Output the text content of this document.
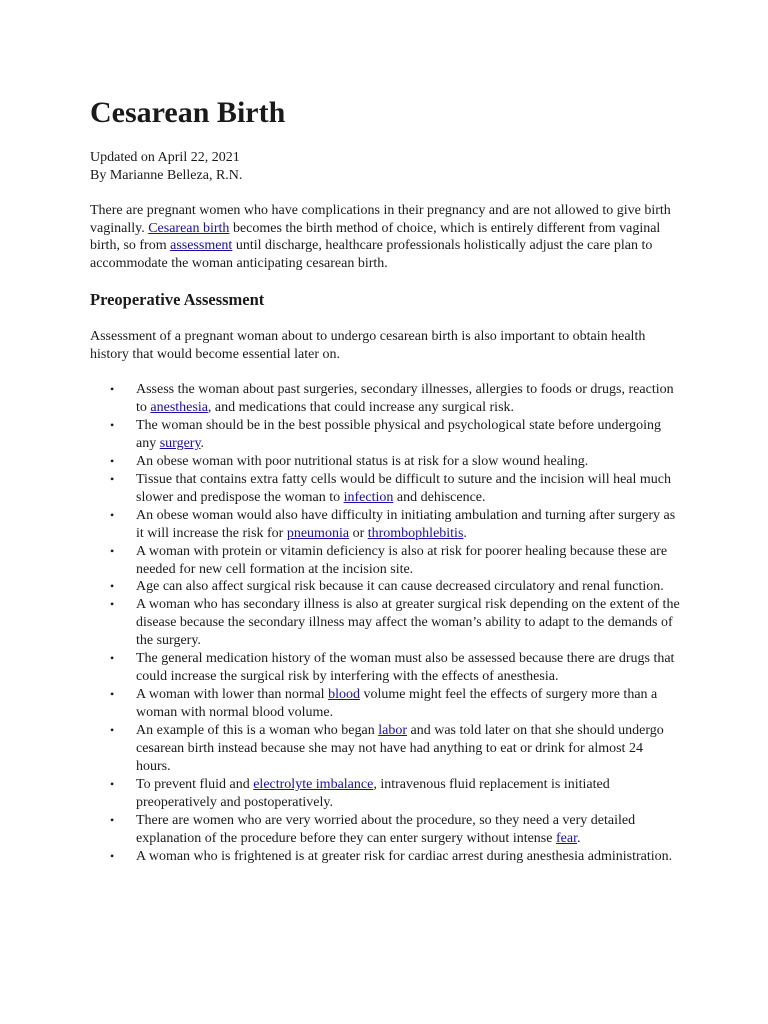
Cesarean Birth
Updated on April 22, 2021
By Marianne Belleza, R.N.

There are pregnant women who have complications in their pregnancy and are not allowed to give birth vaginally. Cesarean birth becomes the birth method of choice, which is entirely different from vaginal birth, so from assessment until discharge, healthcare professionals holistically adjust the care plan to accommodate the woman anticipating cesarean birth.

Preoperative Assessment

Assessment of a pregnant woman about to undergo cesarean birth is also important to obtain health history that would become essential later on.

• Assess the woman about past surgeries, secondary illnesses, allergies to foods or drugs, reaction to anesthesia, and medications that could increase any surgical risk.
• The woman should be in the best possible physical and psychological state before undergoing any surgery.
• An obese woman with poor nutritional status is at risk for a slow wound healing.
• Tissue that contains extra fatty cells would be difficult to suture and the incision will heal much slower and predispose the woman to infection and dehiscence.
• An obese woman would also have difficulty in initiating ambulation and turning after surgery as it will increase the risk for pneumonia or thrombophlebitis.
• A woman with protein or vitamin deficiency is also at risk for poorer healing because these are needed for new cell formation at the incision site.
• Age can also affect surgical risk because it can cause decreased circulatory and renal function.
• A woman who has secondary illness is also at greater surgical risk depending on the extent of the disease because the secondary illness may affect the woman’s ability to adapt to the demands of the surgery.
• The general medication history of the woman must also be assessed because there are drugs that could increase the surgical risk by interfering with the effects of anesthesia.
• A woman with lower than normal blood volume might feel the effects of surgery more than a woman with normal blood volume.
• An example of this is a woman who began labor and was told later on that she should undergo cesarean birth instead because she may not have had anything to eat or drink for almost 24 hours.
• To prevent fluid and electrolyte imbalance, intravenous fluid replacement is initiated preoperatively and postoperatively.
• There are women who are very worried about the procedure, so they need a very detailed explanation of the procedure before they can enter surgery without intense fear.
• A woman who is frightened is at greater risk for cardiac arrest during anesthesia administration.
